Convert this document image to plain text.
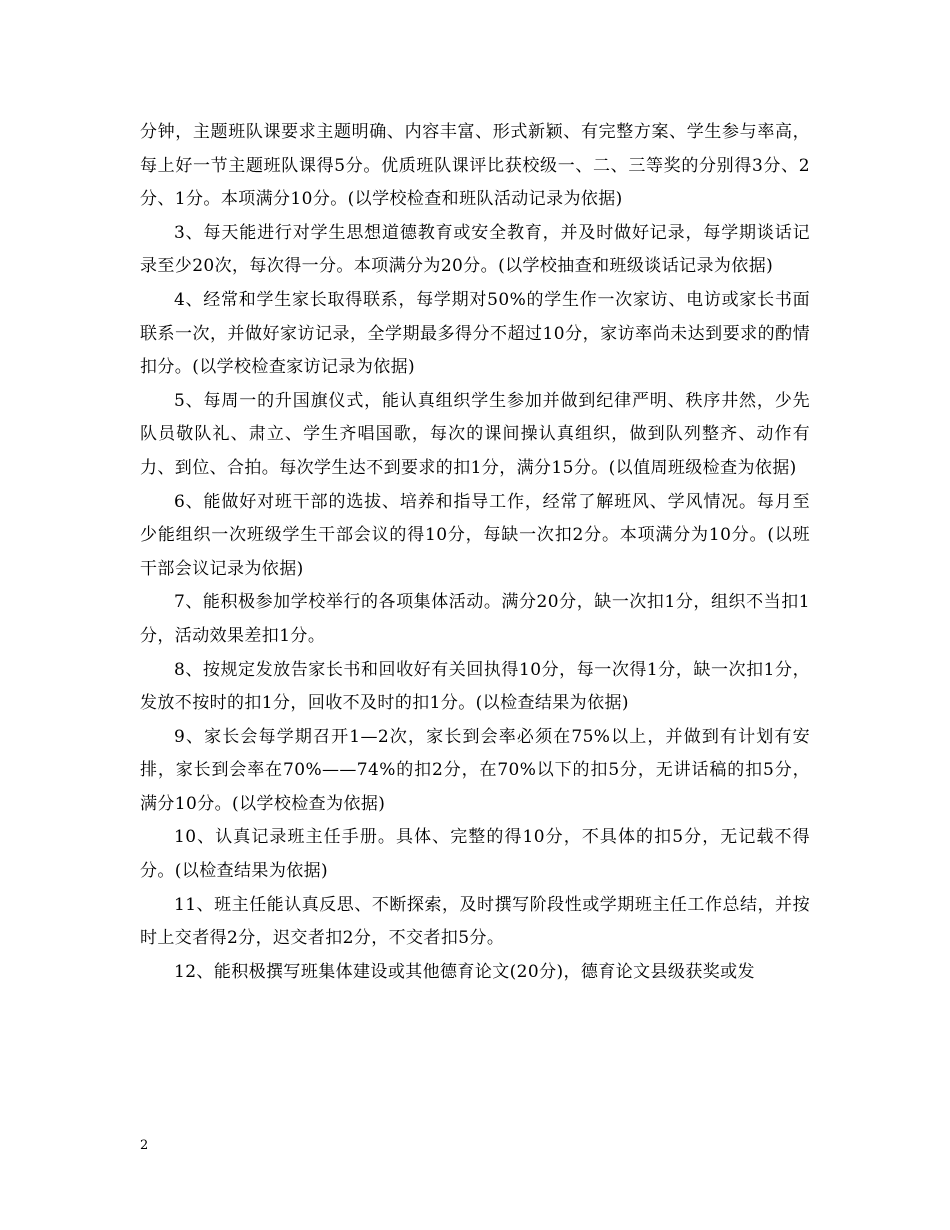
分钟，主题班队课要求主题明确、内容丰富、形式新颖、有完整方案、学生参与率高，每上好一节主题班队课得5分。优质班队课评比获校级一、二、三等奖的分别得3分、2分、1分。本项满分10分。(以学校检查和班队活动记录为依据)

3、每天能进行对学生思想道德教育或安全教育，并及时做好记录，每学期谈话记录至少20次，每次得一分。本项满分为20分。(以学校抽查和班级谈话记录为依据)

4、经常和学生家长取得联系，每学期对50%的学生作一次家访、电访或家长书面联系一次，并做好家访记录，全学期最多得分不超过10分，家访率尚未达到要求的酌情扣分。(以学校检查家访记录为依据)

5、每周一的升国旗仪式，能认真组织学生参加并做到纪律严明、秩序井然，少先队员敬队礼、肃立、学生齐唱国歌，每次的课间操认真组织，做到队列整齐、动作有力、到位、合拍。每次学生达不到要求的扣1分，满分15分。(以值周班级检查为依据)

6、能做好对班干部的选拔、培养和指导工作，经常了解班风、学风情况。每月至少能组织一次班级学生干部会议的得10分，每缺一次扣2分。本项满分为10分。(以班干部会议记录为依据)

7、能积极参加学校举行的各项集体活动。满分20分，缺一次扣1分，组织不当扣1分，活动效果差扣1分。

8、按规定发放告家长书和回收好有关回执得10分，每一次得1分，缺一次扣1分，发放不按时的扣1分，回收不及时的扣1分。(以检查结果为依据)

9、家长会每学期召开1—2次，家长到会率必须在75%以上，并做到有计划有安排，家长到会率在70%——74%的扣2分，在70%以下的扣5分，无讲话稿的扣5分，满分10分。(以学校检查为依据)

10、认真记录班主任手册。具体、完整的得10分，不具体的扣5分，无记载不得分。(以检查结果为依据)

11、班主任能认真反思、不断探索，及时撰写阶段性或学期班主任工作总结，并按时上交者得2分，迟交者扣2分，不交者扣5分。

12、能积极撰写班集体建设或其他德育论文(20分)，德育论文县级获奖或发

2
